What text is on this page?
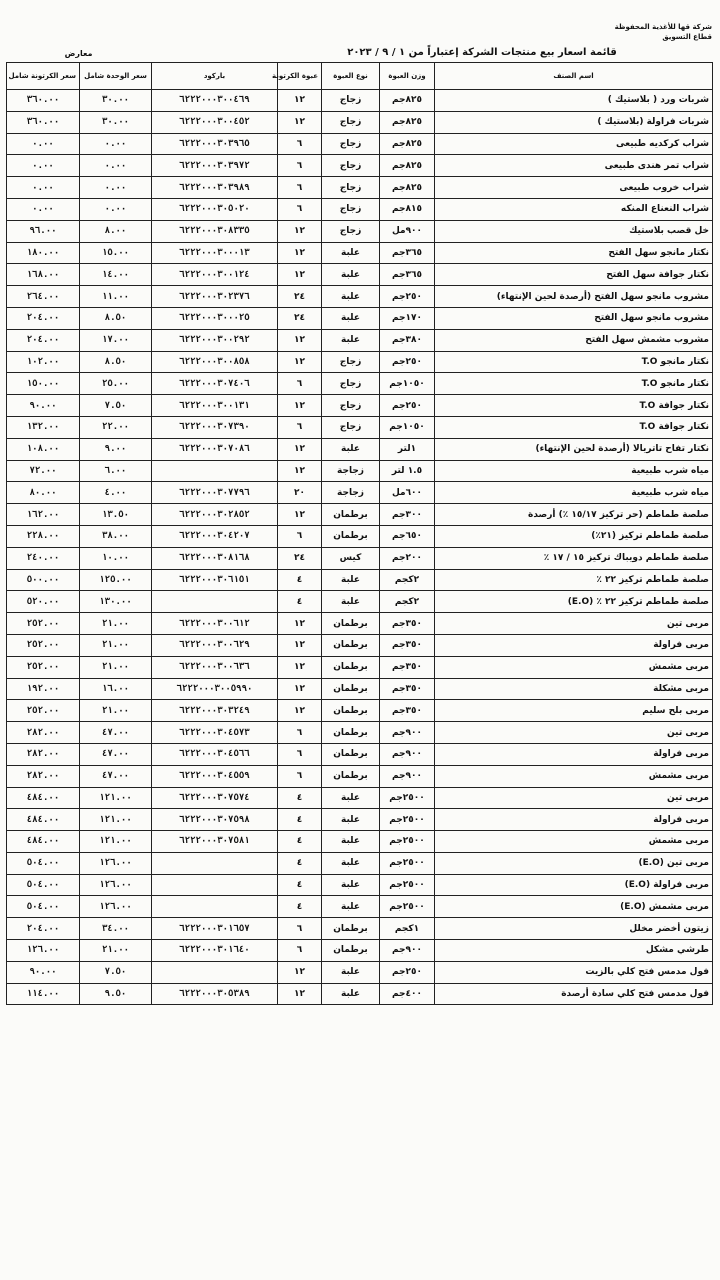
شركة قها للأغذية المحفوظة
قطاع التسويق
قائمة اسعار بيع منتجات الشركة إعتباراً من ١ / ٩ / ٢٠٢٣
معارض
اسم الصنف	وزن العبوة	نوع العبوة	عبوة الكرتونة	باركود	سعر الوحدة شامل	سعر الكرتونة شامل
شربات ورد ( بلاستيك )	٨٢٥جم	زجاج	١٢	٦٢٢٢٠٠٠٣٠٠٤٦٩	٣٠.٠٠	٣٦٠.٠٠
شربات فراولة (بلاستيك )	٨٢٥جم	زجاج	١٢	٦٢٢٢٠٠٠٣٠٠٤٥٢	٣٠.٠٠	٣٦٠.٠٠
شراب كركديه طبيعى	٨٢٥جم	زجاج	٦	٦٢٢٢٠٠٠٣٠٣٩٦٥	٠.٠٠	٠.٠٠
شراب تمر هندى طبيعى	٨٢٥جم	زجاج	٦	٦٢٢٢٠٠٠٣٠٣٩٧٢	٠.٠٠	٠.٠٠
شراب خروب طبيعى	٨٢٥جم	زجاج	٦	٦٢٢٢٠٠٠٣٠٣٩٨٩	٠.٠٠	٠.٠٠
شراب النعناع المنكه	٨١٥جم	زجاج	٦	٦٢٢٢٠٠٠٣٠٥٠٢٠	٠.٠٠	٠.٠٠
خل قصب بلاستيك	٩٠٠مل	زجاج	١٢	٦٢٢٢٠٠٠٣٠٨٣٣٥	٨.٠٠	٩٦.٠٠
نكتار مانجو سهل الفتح	٣٦٥جم	علبة	١٢	٦٢٢٢٠٠٠٣٠٠٠١٣	١٥.٠٠	١٨٠.٠٠
نكتار جوافة سهل الفتح	٣٦٥جم	علبة	١٢	٦٢٢٢٠٠٠٣٠٠١٢٤	١٤.٠٠	١٦٨.٠٠
مشروب مانجو سهل الفتح (أرصدة لحين الإنتهاء)	٢٥٠جم	علبة	٢٤	٦٢٢٢٠٠٠٣٠٢٣٧٦	١١.٠٠	٢٦٤.٠٠
مشروب مانجو سهل الفتح	١٧٠جم	علبة	٢٤	٦٢٢٢٠٠٠٣٠٠٠٢٥	٨.٥٠	٢٠٤.٠٠
مشروب مشمش سهل الفتح	٣٨٠جم	علبة	١٢	٦٢٢٢٠٠٠٣٠٠٢٩٢	١٧.٠٠	٢٠٤.٠٠
نكتار مانجو T.O	٢٥٠جم	زجاج	١٢	٦٢٢٢٠٠٠٣٠٠٨٥٨	٨.٥٠	١٠٢.٠٠
نكتار مانجو T.O	١٠٥٠جم	زجاج	٦	٦٢٢٢٠٠٠٣٠٧٤٠٦	٢٥.٠٠	١٥٠.٠٠
نكتار جوافة T.O	٢٥٠جم	زجاج	١٢	٦٢٢٢٠٠٠٣٠٠١٣١	٧.٥٠	٩٠.٠٠
نكتار جوافة T.O	١٠٥٠جم	زجاج	٦	٦٢٢٢٠٠٠٣٠٧٣٩٠	٢٢.٠٠	١٣٢.٠٠
نكتار تفاح تاتريالا (أرصدة لحين الإنتهاء)	١لتر	علبة	١٢	٦٢٢٢٠٠٠٣٠٧٠٨٦	٩.٠٠	١٠٨.٠٠
مياه شرب طبيعية	١.٥ لتر	زجاجة	١٢		٦.٠٠	٧٢.٠٠
مياه شرب طبيعية	٦٠٠مل	زجاجة	٢٠	٦٢٢٢٠٠٠٣٠٧٧٩٦	٤.٠٠	٨٠.٠٠
صلصة طماطم (حر تركيز ١٥/١٧ ٪) أرصدة	٣٠٠جم	برطمان	١٢	٦٢٢٢٠٠٠٣٠٢٨٥٢	١٣.٥٠	١٦٢.٠٠
صلصة طماطم تركيز (٢١٪)	٦٥٠جم	برطمان	٦	٦٢٢٢٠٠٠٣٠٤٢٠٧	٣٨.٠٠	٢٢٨.٠٠
صلصة طماطم دويباك تركيز ١٥ / ١٧ ٪	٢٠٠جم	كيس	٢٤	٦٢٢٢٠٠٠٣٠٨١٦٨	١٠.٠٠	٢٤٠.٠٠
صلصة طماطم تركيز ٢٢ ٪	٢كجم	علبة	٤	٦٢٢٢٠٠٠٣٠٦١٥١	١٢٥.٠٠	٥٠٠.٠٠
صلصة طماطم تركيز ٢٢ ٪ (E.O)	٢كجم	علبة	٤		١٣٠.٠٠	٥٢٠.٠٠
مربى تين	٣٥٠جم	برطمان	١٢	٦٢٢٢٠٠٠٣٠٠٦١٢	٢١.٠٠	٢٥٢.٠٠
مربى فراولة	٣٥٠جم	برطمان	١٢	٦٢٢٢٠٠٠٣٠٠٦٢٩	٢١.٠٠	٢٥٢.٠٠
مربى مشمش	٣٥٠جم	برطمان	١٢	٦٢٢٢٠٠٠٣٠٠٦٣٦	٢١.٠٠	٢٥٢.٠٠
مربى مشكلة	٣٥٠جم	برطمان	١٢	٦٢٢٢٠٠٠٣٠٠٥٩٩٠	١٦.٠٠	١٩٢.٠٠
مربى بلح سليم	٣٥٠جم	برطمان	١٢	٦٢٢٢٠٠٠٣٠٣٢٤٩	٢١.٠٠	٢٥٢.٠٠
مربى تين	٩٠٠جم	برطمان	٦	٦٢٢٢٠٠٠٣٠٤٥٧٣	٤٧.٠٠	٢٨٢.٠٠
مربى فراولة	٩٠٠جم	برطمان	٦	٦٢٢٢٠٠٠٣٠٤٥٦٦	٤٧.٠٠	٢٨٢.٠٠
مربى مشمش	٩٠٠جم	برطمان	٦	٦٢٢٢٠٠٠٣٠٤٥٥٩	٤٧.٠٠	٢٨٢.٠٠
مربى تين	٢٥٠٠جم	علبة	٤	٦٢٢٢٠٠٠٣٠٧٥٧٤	١٢١.٠٠	٤٨٤.٠٠
مربى فراولة	٢٥٠٠جم	علبة	٤	٦٢٢٢٠٠٠٣٠٧٥٩٨	١٢١.٠٠	٤٨٤.٠٠
مربى مشمش	٢٥٠٠جم	علبة	٤	٦٢٢٢٠٠٠٣٠٧٥٨١	١٢١.٠٠	٤٨٤.٠٠
مربى تين (E.O)	٢٥٠٠جم	علبة	٤		١٢٦.٠٠	٥٠٤.٠٠
مربى فراولة (E.O)	٢٥٠٠جم	علبة	٤		١٢٦.٠٠	٥٠٤.٠٠
مربى مشمش (E.O)	٢٥٠٠جم	علبة	٤		١٢٦.٠٠	٥٠٤.٠٠
زيتون أخضر مخلل	١كجم	برطمان	٦	٦٢٢٢٠٠٠٣٠١٦٥٧	٣٤.٠٠	٢٠٤.٠٠
طرشي مشكل	٩٠٠جم	برطمان	٦	٦٢٢٢٠٠٠٣٠١٦٤٠	٢١.٠٠	١٢٦.٠٠
فول مدمس فتح كلي بالزيت	٢٥٠جم	علبة	١٢		٧.٥٠	٩٠.٠٠
فول مدمس فتح كلي سادة أرصدة	٤٠٠جم	علبة	١٢	٦٢٢٢٠٠٠٣٠٥٣٨٩	٩.٥٠	١١٤.٠٠
